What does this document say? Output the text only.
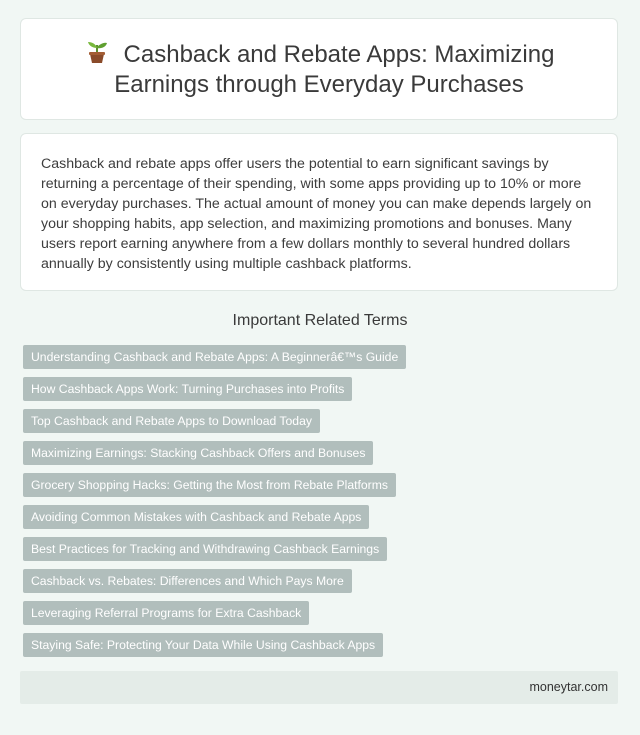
Cashback and Rebate Apps: Maximizing Earnings through Everyday Purchases

Cashback and rebate apps offer users the potential to earn significant savings by returning a percentage of their spending, with some apps providing up to 10% or more on everyday purchases. The actual amount of money you can make depends largely on your shopping habits, app selection, and maximizing promotions and bonuses. Many users report earning anywhere from a few dollars monthly to several hundred dollars annually by consistently using multiple cashback platforms.

Important Related Terms
Understanding Cashback and Rebate Apps: A Beginnerâ€™s Guide
How Cashback Apps Work: Turning Purchases into Profits
Top Cashback and Rebate Apps to Download Today
Maximizing Earnings: Stacking Cashback Offers and Bonuses
Grocery Shopping Hacks: Getting the Most from Rebate Platforms
Avoiding Common Mistakes with Cashback and Rebate Apps
Best Practices for Tracking and Withdrawing Cashback Earnings
Cashback vs. Rebates: Differences and Which Pays More
Leveraging Referral Programs for Extra Cashback
Staying Safe: Protecting Your Data While Using Cashback Apps
moneytar.com
